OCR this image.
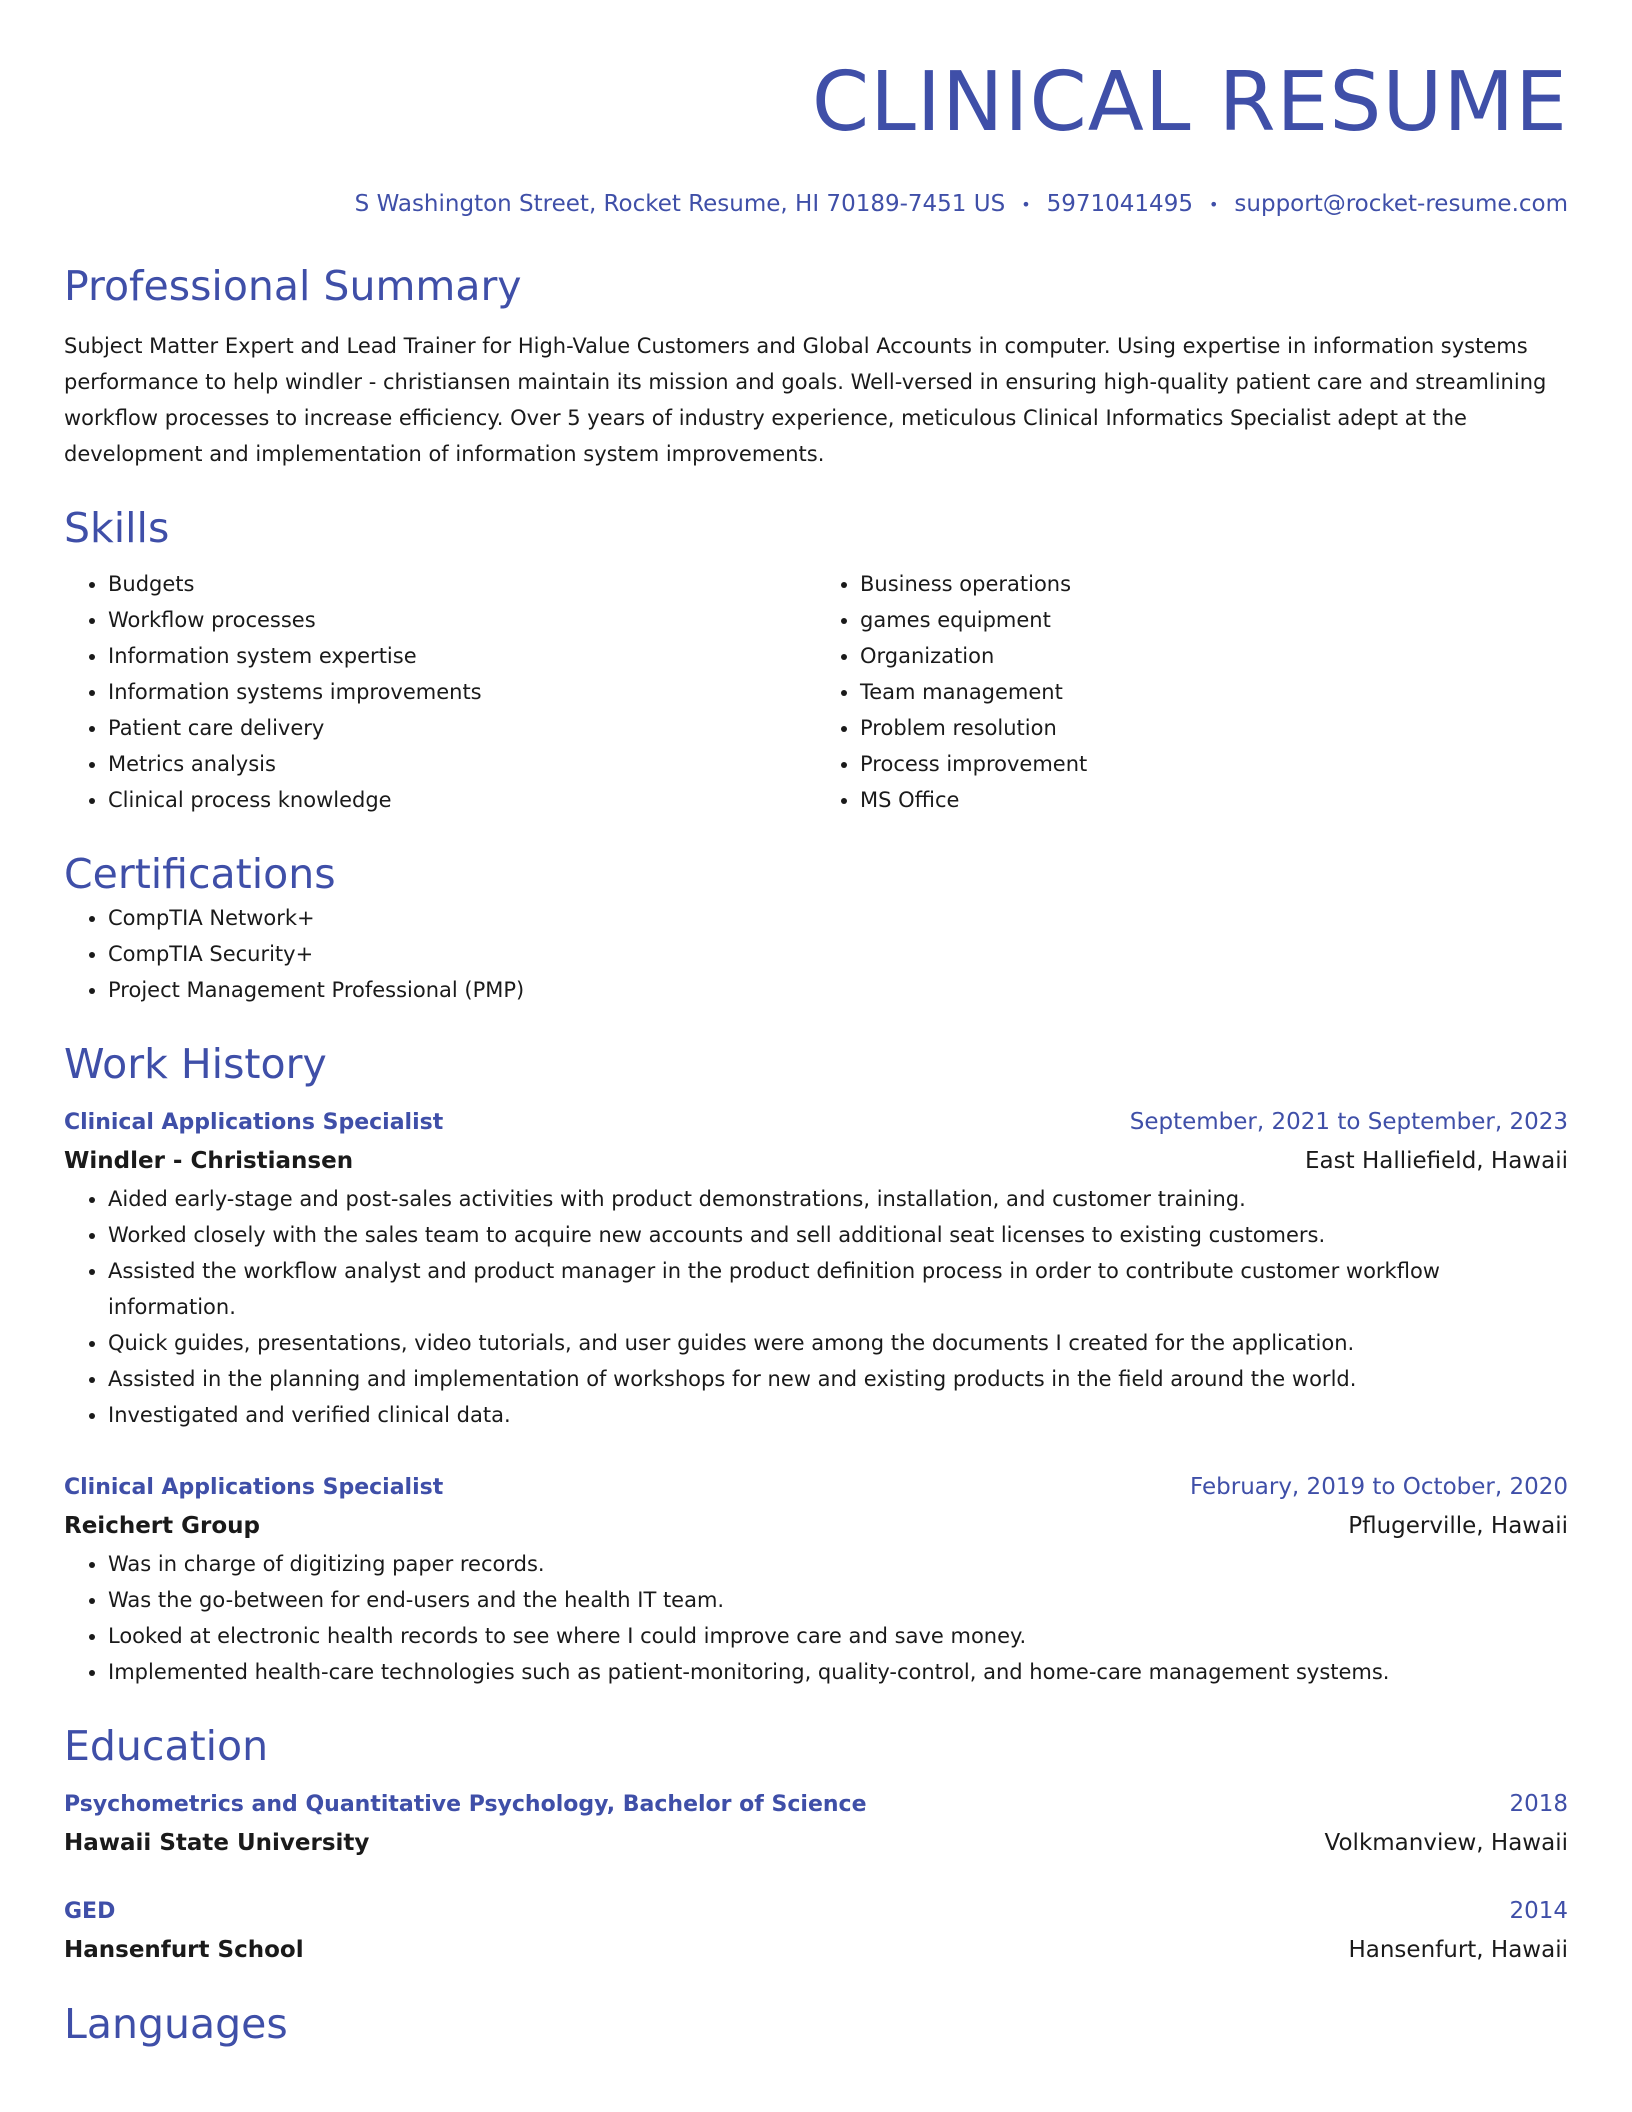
CLINICAL RESUME
S Washington Street, Rocket Resume, HI 70189-7451 US • 5971041495 • support@rocket-resume.com
Professional Summary
Subject Matter Expert and Lead Trainer for High-Value Customers and Global Accounts in computer. Using expertise in information systems performance to help windler - christiansen maintain its mission and goals. Well-versed in ensuring high-quality patient care and streamlining workflow processes to increase efficiency. Over 5 years of industry experience, meticulous Clinical Informatics Specialist adept at the development and implementation of information system improvements.
Skills
• Budgets
• Workflow processes
• Information system expertise
• Information systems improvements
• Patient care delivery
• Metrics analysis
• Clinical process knowledge
• Business operations
• games equipment
• Organization
• Team management
• Problem resolution
• Process improvement
• MS Office
Certifications
• CompTIA Network+
• CompTIA Security+
• Project Management Professional (PMP)
Work History
Clinical Applications Specialist	September, 2021 to September, 2023
Windler - Christiansen	East Halliefield, Hawaii
• Aided early-stage and post-sales activities with product demonstrations, installation, and customer training.
• Worked closely with the sales team to acquire new accounts and sell additional seat licenses to existing customers.
• Assisted the workflow analyst and product manager in the product definition process in order to contribute customer workflow information.
• Quick guides, presentations, video tutorials, and user guides were among the documents I created for the application.
• Assisted in the planning and implementation of workshops for new and existing products in the field around the world.
• Investigated and verified clinical data.
Clinical Applications Specialist	February, 2019 to October, 2020
Reichert Group	Pflugerville, Hawaii
• Was in charge of digitizing paper records.
• Was the go-between for end-users and the health IT team.
• Looked at electronic health records to see where I could improve care and save money.
• Implemented health-care technologies such as patient-monitoring, quality-control, and home-care management systems.
Education
Psychometrics and Quantitative Psychology, Bachelor of Science	2018
Hawaii State University	Volkmanview, Hawaii
GED	2014
Hansenfurt School	Hansenfurt, Hawaii
Languages
